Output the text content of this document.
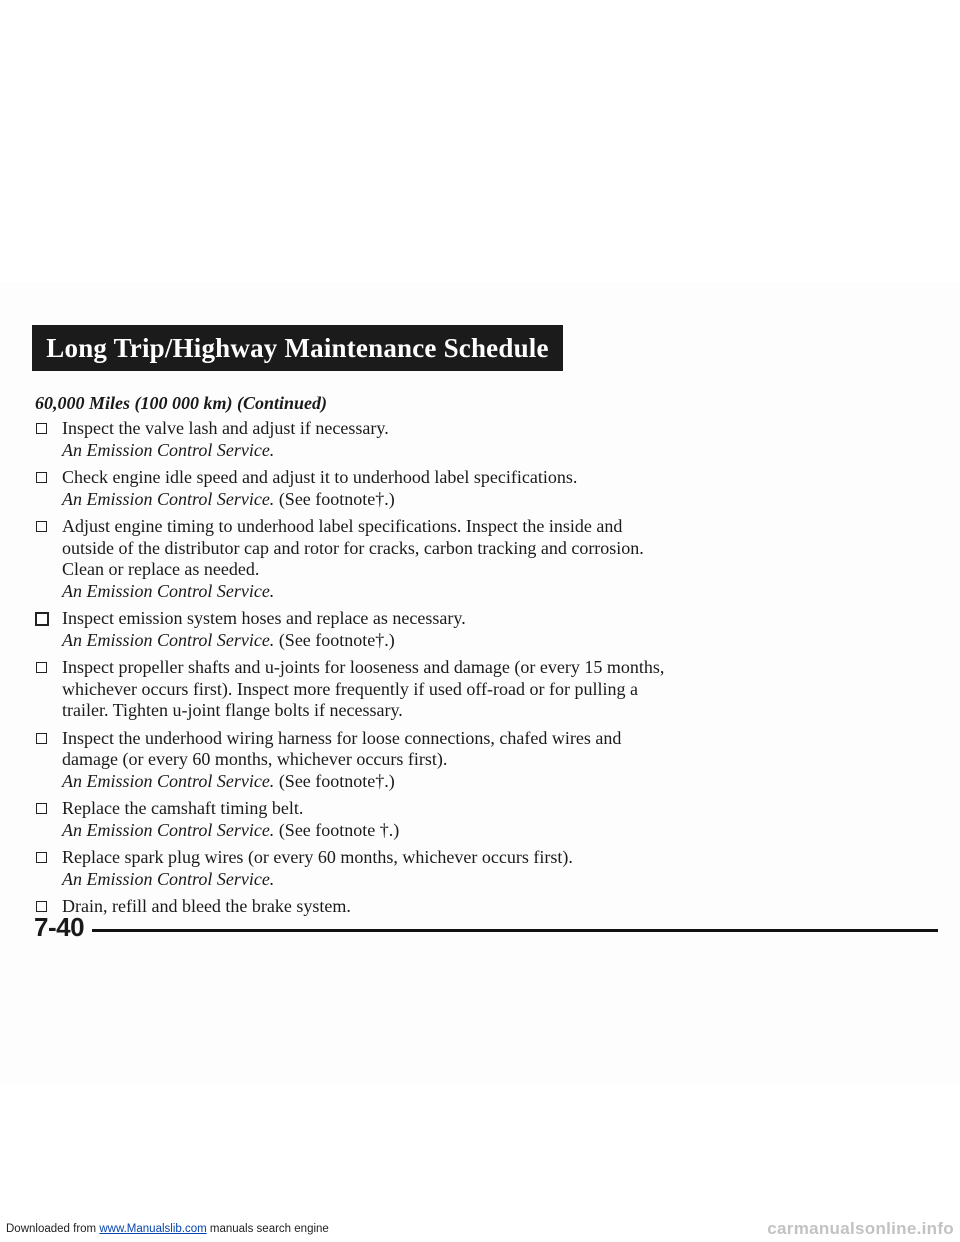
Long Trip/Highway Maintenance Schedule
60,000 Miles (100 000 km) (Continued)
Inspect the valve lash and adjust if necessary.
An Emission Control Service.
Check engine idle speed and adjust it to underhood label specifications.
An Emission Control Service. (See footnote†.)
Adjust engine timing to underhood label specifications. Inspect the inside and outside of the distributor cap and rotor for cracks, carbon tracking and corrosion. Clean or replace as needed.
An Emission Control Service.
Inspect emission system hoses and replace as necessary.
An Emission Control Service. (See footnote†.)
Inspect propeller shafts and u-joints for looseness and damage (or every 15 months, whichever occurs first). Inspect more frequently if used off-road or for pulling a trailer. Tighten u-joint flange bolts if necessary.
Inspect the underhood wiring harness for loose connections, chafed wires and damage (or every 60 months, whichever occurs first).
An Emission Control Service. (See footnote†.)
Replace the camshaft timing belt.
An Emission Control Service. (See footnote †.)
Replace spark plug wires (or every 60 months, whichever occurs first).
An Emission Control Service.
Drain, refill and bleed the brake system.
7-40
Downloaded from www.Manualslib.com manuals search engine	carmanualsonline.info
